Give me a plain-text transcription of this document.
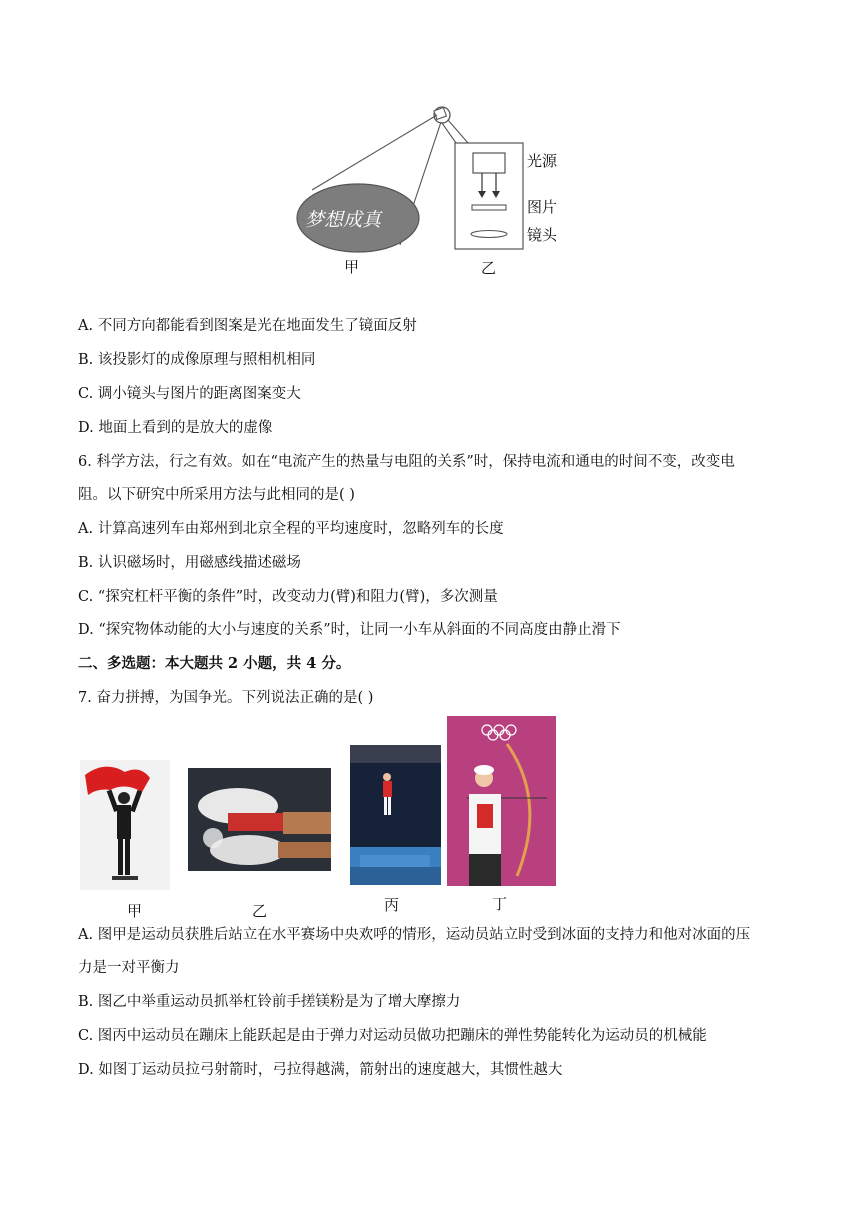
梦想成真
光源
图片
镜头
甲	乙
A. 不同方向都能看到图案是光在地面发生了镜面反射
B. 该投影灯的成像原理与照相机相同
C. 调小镜头与图片的距离图案变大
D. 地面上看到的是放大的虚像
6. 科学方法，行之有效。如在“电流产生的热量与电阻的关系”时，保持电流和通电的时间不变，改变电
阻。以下研究中所采用方法与此相同的是( )
A. 计算高速列车由郑州到北京全程的平均速度时，忽略列车的长度
B. 认识磁场时，用磁感线描述磁场
C. “探究杠杆平衡的条件”时，改变动力(臂)和阻力(臂)，多次测量
D. “探究物体动能的大小与速度的关系”时，让同一小车从斜面的不同高度由静止滑下
二、多选题：本大题共 2 小题，共 4 分。
7. 奋力拼搏，为国争光。下列说法正确的是( )
甲	乙	丙	丁
A. 图甲是运动员获胜后站立在水平赛场中央欢呼的情形，运动员站立时受到冰面的支持力和他对冰面的压
力是一对平衡力
B. 图乙中举重运动员抓举杠铃前手搓镁粉是为了增大摩擦力
C. 图丙中运动员在蹦床上能跃起是由于弹力对运动员做功把蹦床的弹性势能转化为运动员的机械能
D. 如图丁运动员拉弓射箭时，弓拉得越满，箭射出的速度越大，其惯性越大
